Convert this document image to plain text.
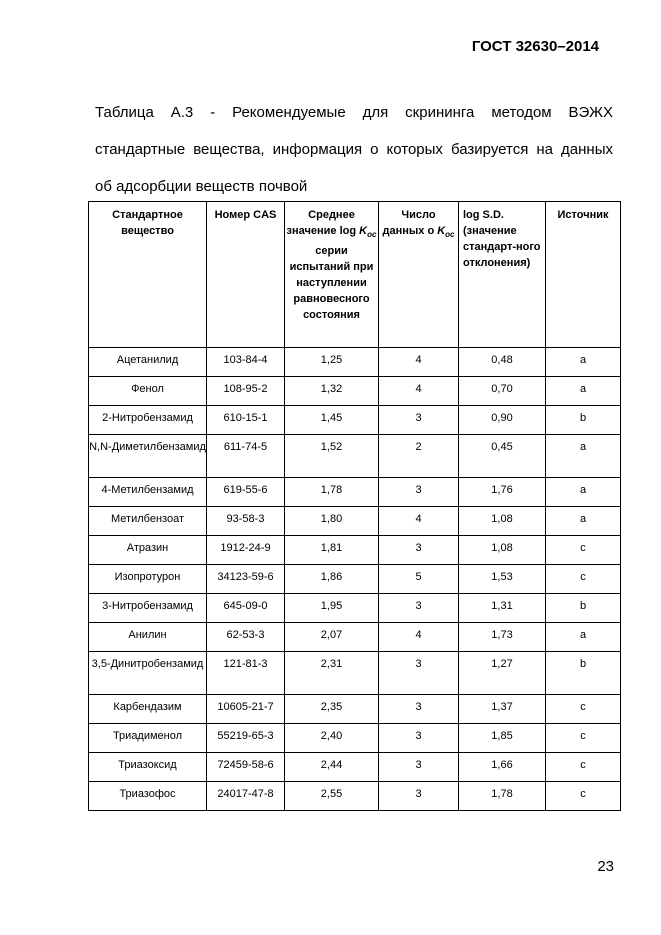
ГОСТ 32630–2014
Таблица А.3 - Рекомендуемые для скрининга методом ВЭЖХ
стандартные вещества, информация о которых базируется на данных
об адсорбции веществ почвой
Стандартное вещество	Номер CAS	Среднее значение $\log K_{oc}$ серии испытаний при наступлении равновесного состояния	Число данных о $K_{oc}$	log S.D. (значение стандарт-ного отклонения)	Источник
Ацетанилид	103-84-4	1,25	4	0,48	a
Фенол	108-95-2	1,32	4	0,70	a
2-Нитробензамид	610-15-1	1,45	3	0,90	b
N,N-Диметилбензамид	611-74-5	1,52	2	0,45	a
4-Метилбензамид	619-55-6	1,78	3	1,76	a
Метилбензоат	93-58-3	1,80	4	1,08	a
Атразин	1912-24-9	1,81	3	1,08	c
Изопротурон	34123-59-6	1,86	5	1,53	c
3-Нитробензамид	645-09-0	1,95	3	1,31	b
Анилин	62-53-3	2,07	4	1,73	a
3,5-Динитробензамид	121-81-3	2,31	3	1,27	b
Карбендазим	10605-21-7	2,35	3	1,37	c
Триадименол	55219-65-3	2,40	3	1,85	c
Триазоксид	72459-58-6	2,44	3	1,66	c
Триазофос	24017-47-8	2,55	3	1,78	c
23
